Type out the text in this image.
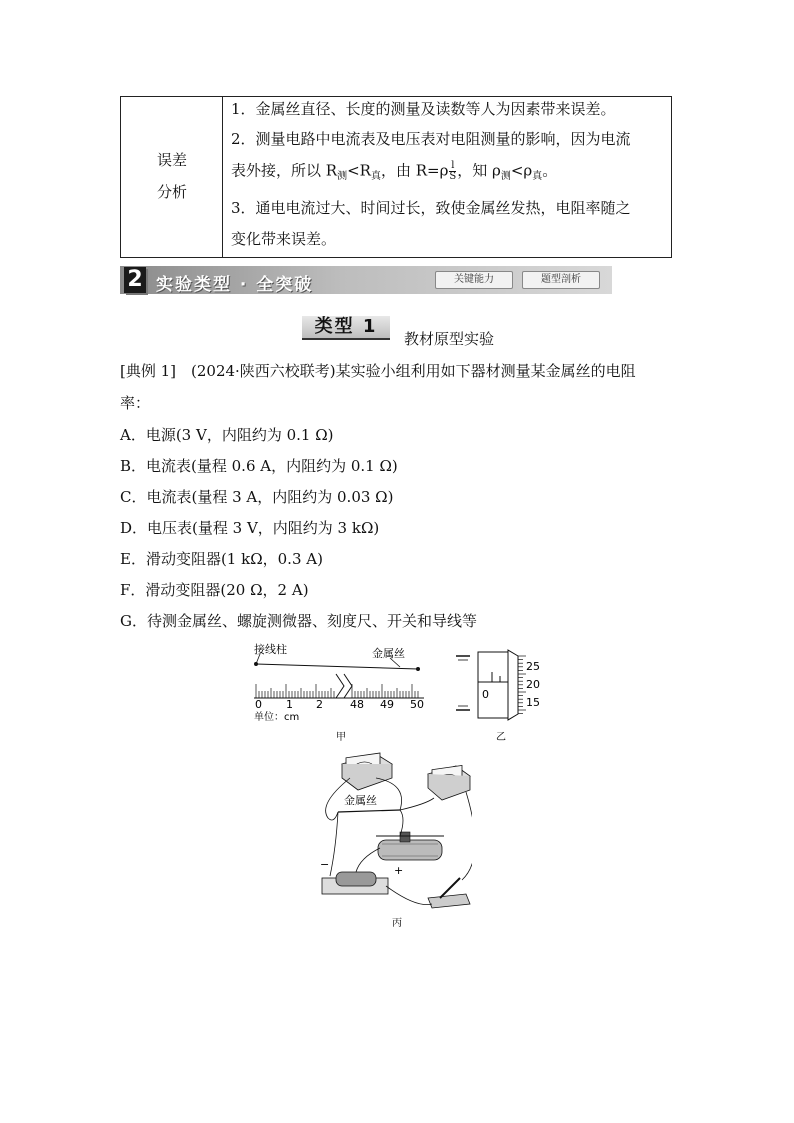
误差
分析
1．金属丝直径、长度的测量及读数等人为因素带来误差。
2．测量电路中电流表及电压表对电阻测量的影响，因为电流
表外接，所以 $R_测<R_真$，由 $R=\rho \frac{l}{S}$ ，知 $\rho_测<\rho_真$。
3．通电电流过大、时间过长，致使金属丝发热，电阻率随之
变化带来误差。
2 实验类型 · 全突破	关键能力	题型剖析
类型 1
教材原型实验
[典例 1]　(2024·陕西六校联考)某实验小组利用如下器材测量某金属丝的电阻
率：
A．电源(3 V，内阻约为 0.1 Ω)
B．电流表(量程 0.6 A，内阻约为 0.1 Ω)
C．电流表(量程 3 A，内阻约为 0.03 Ω)
D．电压表(量程 3 V，内阻约为 3 kΩ)
E．滑动变阻器(1 kΩ，0.3 A)
F．滑动变阻器(20 Ω，2 A)
G．待测金属丝、螺旋测微器、刻度尺、开关和导线等
接线柱	金属丝
0 1 2 48 49 50
单位：cm
甲
0
25
20
15
乙
金属丝
−	+
丙
